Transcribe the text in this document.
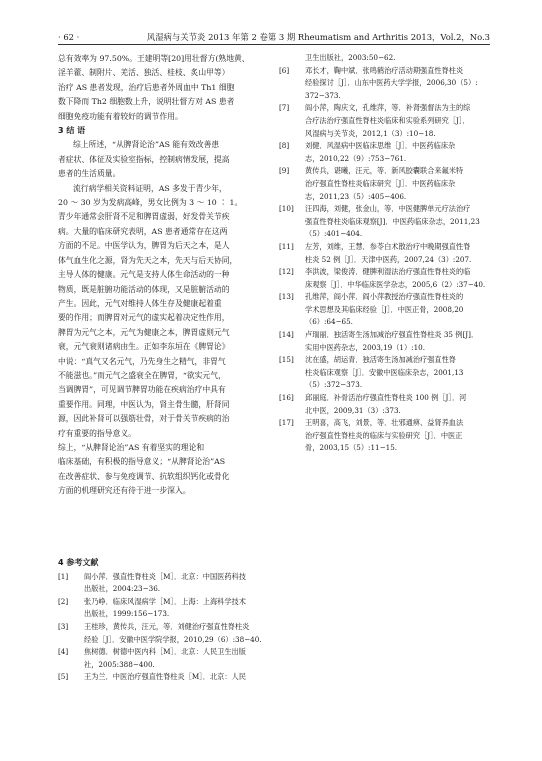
· 62 ·	风湿病与关节炎 2013 年第 2 卷第 3 期 Rheumatism and Arthritis 2013，Vol.2，No.3

总有效率为 97.50%。王建明等[20]用壮督方(熟地黄、
淫羊藿、制附片、羌活、独活、桂枝、炙山甲等）
治疗 AS 患者发现，治疗后患者外周血中 Th1 细胞
数下降而 Th2 细胞数上升，说明壮督方对 AS 患者
细胞免疫功能有着较好的调节作用。

3 结 语

综上所述，“从脾肾论治”AS 能有效改善患
者症状、体征及实验室指标，控制病情发展，提高
患者的生活质量。

流行病学相关资料证明，AS 多发于青少年，
20 ～ 30 岁为发病高峰，男女比例为 3 ～ 10 ∶ 1。
青少年通常会肝肾不足和脾胃虚弱，好发骨关节疾
病。大量的临床研究表明，AS 患者通常存在这两
方面的不足。中医学认为，脾胃为后天之本，是人
体气血生化之源，肾为先天之本，先天与后天协同，
主导人体的健康。元气是支持人体生命活动的一种
物质，既是脏腑功能活动的体现，又是脏腑活动的
产生。因此，元气对维持人体生存及健康起着重
要的作用；而脾胃对元气的虚实起着决定性作用，
脾胃为元气之本，元气为健康之本，脾胃虚则元气
衰，元气衰则诸病由生。正如李东垣在《脾胃论》
中说：“真气又名元气，乃先身生之精气，非胃气
不能滋也。”而元气之盛衰全在脾胃，“欲实元气，
当调脾胃”，可见调节脾胃功能在疾病治疗中具有
重要作用。同理，中医认为，肾主骨生髓，肝肾同
源，因此补肾可以强筋壮骨，对于骨关节疾病的治
疗有重要的指导意义。
综上，“从脾肾论治”AS 有着坚实的理论和
临床基础，有积极的指导意义；“从脾肾论治”AS
在改善症状、参与免疫调节、抗软组织钙化或骨化
方面的机理研究还有待于进一步深入。

4 参考文献
[1]	阎小萍．强直性脊柱炎［M］．北京：中国医药科技
出版社，2004:23−36.
[2]	张乃峥．临床风湿病学［M］．上海：上海科学技术
出版社，1999:156−173.
[3]	王桂珍，黄传兵，汪元，等．刘健治疗强直性脊柱炎
经验［J］．安徽中医学院学报，2010,29（6）:38−40.
[4]	焦树德．树德中医内科［M］．北京：人民卫生出版
社，2005:388−400.
[5]	王为兰．中医治疗强直性脊柱炎［M］．北京：人民
卫生出版社，2003:50−62.
[6]	邓长才，鞠中斌．张鸣鹤治疗活动期强直性脊柱炎
经验探讨［J］．山东中医药大学学报，2006,30（5）:
372−373.
[7]	阎小萍，陶庆文，孔维萍，等．补肾强督法为主的综
合疗法治疗强直性脊柱炎临床和实验系列研究［J］．
风湿病与关节炎，2012,1（3）:10−18.
[8]	刘健．风湿病中医临床思维［J］．中医药临床杂
志，2010,22（9）:753−761.
[9]	黄传兵，谌曦，汪元，等．新风胶囊联合来氟米特
治疗强直性脊柱炎临床研究［J］．中医药临床杂
志，2011,23（5）:405−406.
[10]	汪四海，刘健，张金山，等．中医健脾单元疗法治疗
强直性脊柱炎临床观察[J]．中医药临床杂志，2011,23
（5）:401−404.
[11]	左芳，刘维，王慧．参苓白术散治疗中晚期强直性脊
柱炎 52 例［J］．天津中医药，2007,24（3）:207.
[12]	李洪波，梁俊涛．健脾利湿法治疗强直性脊柱炎的临
床观察［J］．中华临床医学杂志，2005,6（2）:37−40.
[13]	孔维萍，阎小萍．阎小萍教授治疗强直性脊柱炎的
学术思想及其临床经验［J］．中医正骨，2008,20
（6）:64−65.
[14]	卢瑞丽．独活寄生汤加减治疗强直性脊柱炎 35 例[J]．
实用中医药杂志，2003,19（1）:10.
[15]	沈在盛，胡运青．独活寄生汤加减治疗强直性脊
柱炎临床观察［J］．安徽中医临床杂志，2001,13
（5）:372−373.
[16]	邱丽庭．补骨活治疗强直性脊柱炎 100 例［J］．河
北中医，2009,31（3）:373.
[17]	王明喜，高飞，刘景，等．壮邪通痹、益肾养血法
治疗强直性脊柱炎的临床与实验研究［J］．中医正
骨，2003,15（5）:11−15.
